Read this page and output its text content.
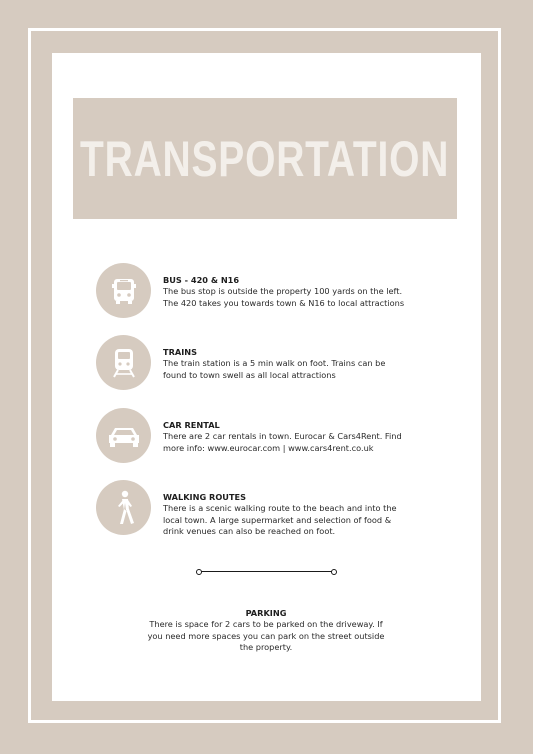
TRANSPORTATION
BUS - 420 & N16
The bus stop is outside the property 100 yards on the left.
The 420 takes you towards town & N16 to local attractions
TRAINS
The train station is a 5 min walk on foot. Trains can be
found to town swell as all local attractions
CAR RENTAL
There are 2 car rentals in town. Eurocar & Cars4Rent. Find
more info: www.eurocar.com | www.cars4rent.co.uk
WALKING ROUTES
There is a scenic walking route to the beach and into the
local town. A large supermarket and selection of food &
drink venues can also be reached on foot.
PARKING
There is space for 2 cars to be parked on the driveway. If
you need more spaces you can park on the street outside
the property.
